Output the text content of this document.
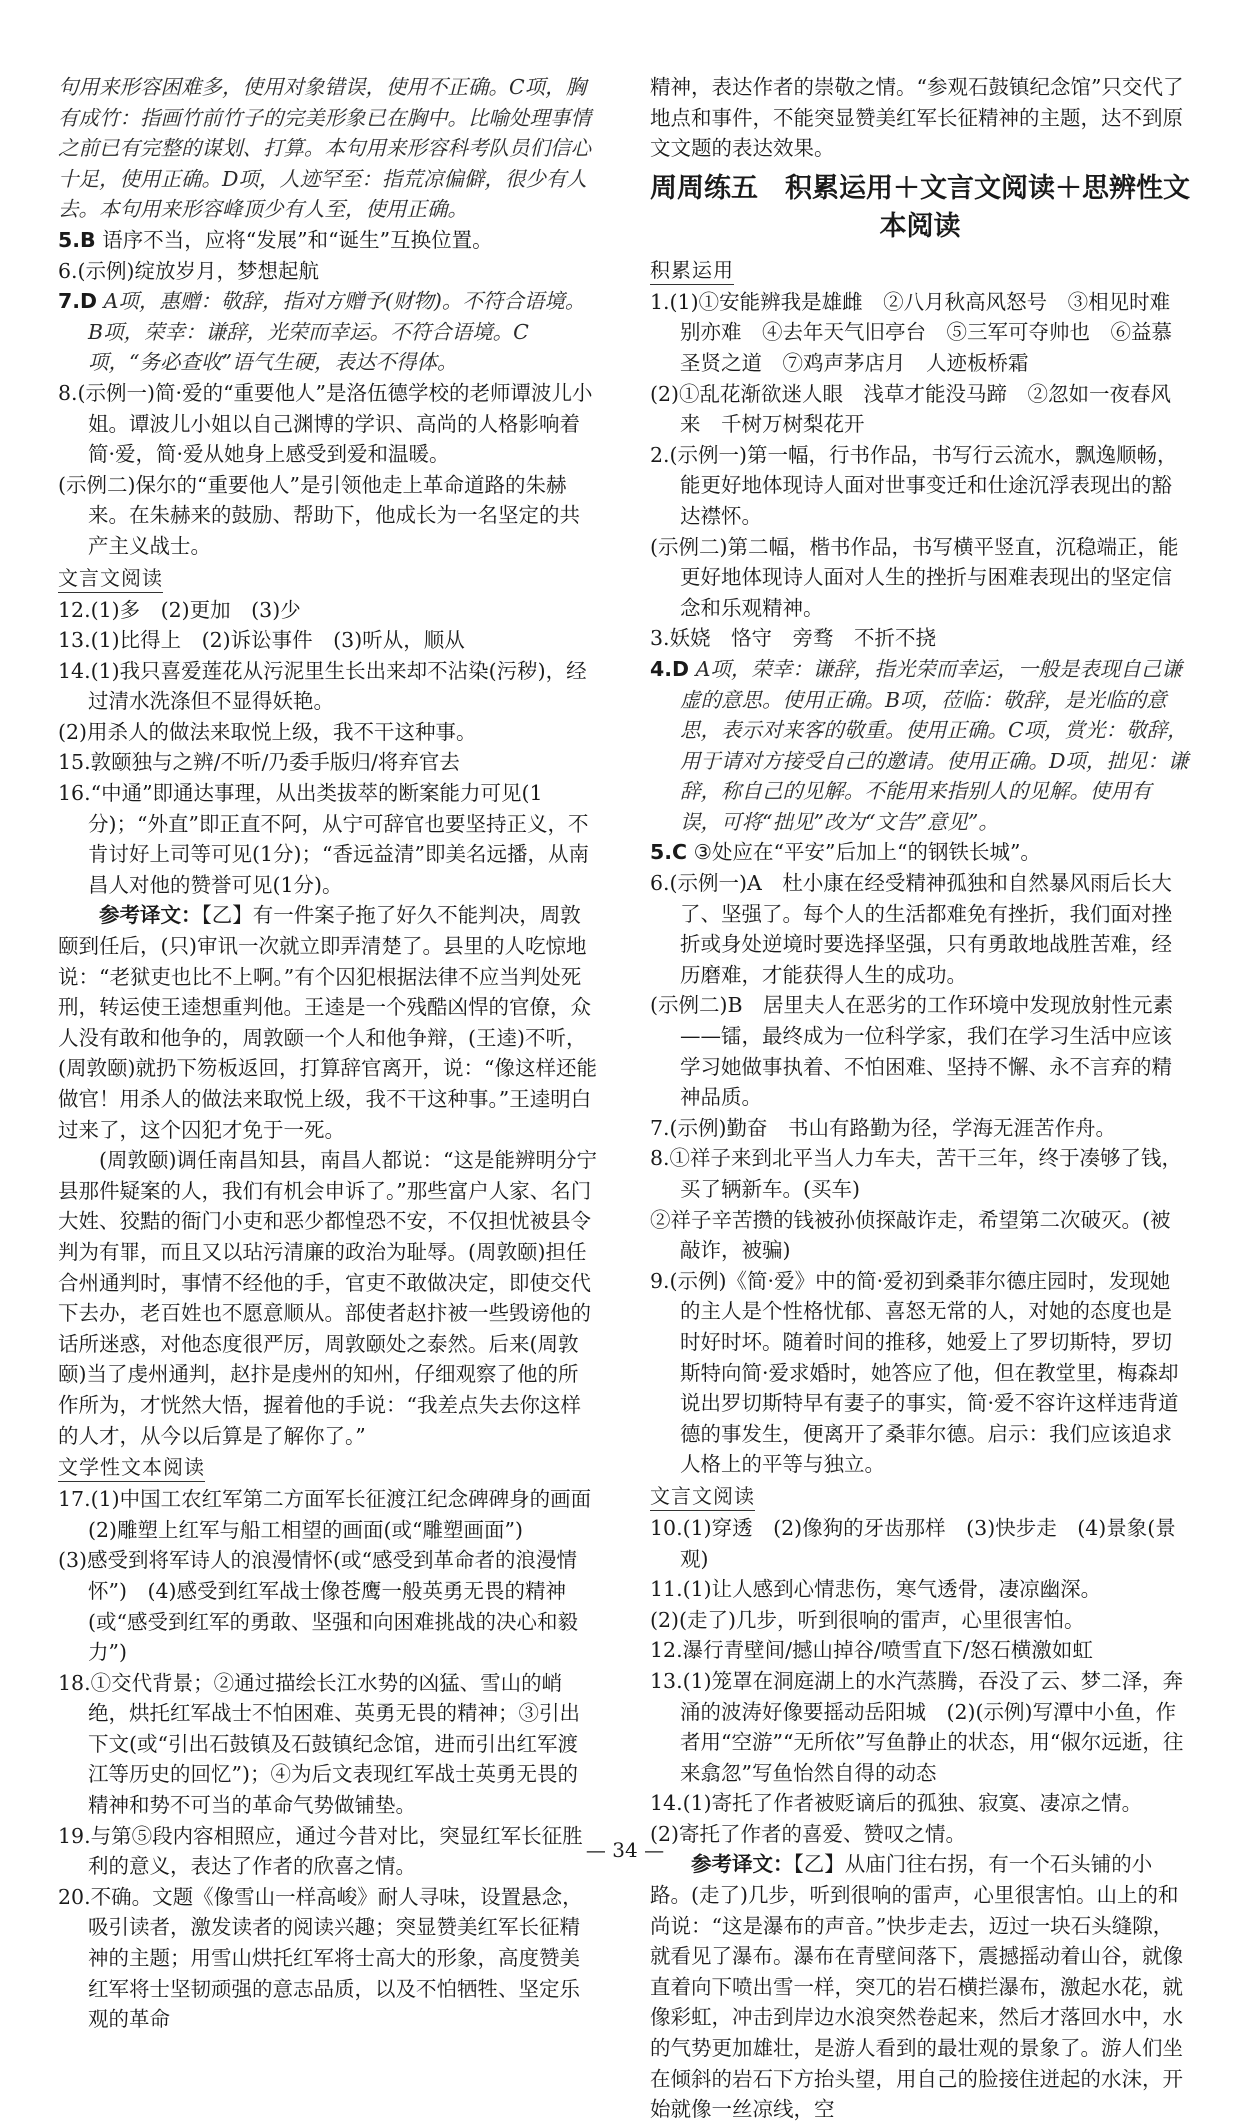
句用来形容困难多，使用对象错误，使用不正确。C项，胸有成竹：指画竹前竹子的完美形象已在胸中。比喻处理事情之前已有完整的谋划、打算。本句用来形容科考队员们信心十足，使用正确。D项，人迹罕至：指荒凉偏僻，很少有人去。本句用来形容峰顶少有人至，使用正确。

5.B 语序不当，应将“发展”和“诞生”互换位置。

6.(示例)绽放岁月，梦想起航

7.D A项，惠赠：敬辞，指对方赠予(财物)。不符合语境。B项，荣幸：谦辞，光荣而幸运。不符合语境。C项，“务必查收”语气生硬，表达不得体。

8.(示例一)简·爱的“重要他人”是洛伍德学校的老师谭波儿小姐。谭波儿小姐以自己渊博的学识、高尚的人格影响着简·爱，简·爱从她身上感受到爱和温暖。

(示例二)保尔的“重要他人”是引领他走上革命道路的朱赫来。在朱赫来的鼓励、帮助下，他成长为一名坚定的共产主义战士。

文言文阅读

12.(1)多　(2)更加　(3)少

13.(1)比得上　(2)诉讼事件　(3)听从，顺从

14.(1)我只喜爱莲花从污泥里生长出来却不沾染(污秽)，经过清水洗涤但不显得妖艳。

(2)用杀人的做法来取悦上级，我不干这种事。

15.敦颐独与之辨/不听/乃委手版归/将弃官去

16.“中通”即通达事理，从出类拔萃的断案能力可见(1分)；“外直”即正直不阿，从宁可辞官也要坚持正义，不肯讨好上司等可见(1分)；“香远益清”即美名远播，从南昌人对他的赞誉可见(1分)。

参考译文：【乙】有一件案子拖了好久不能判决，周敦颐到任后，(只)审讯一次就立即弄清楚了。县里的人吃惊地说：“老狱吏也比不上啊。”有个囚犯根据法律不应当判处死刑，转运使王逵想重判他。王逵是一个残酷凶悍的官僚，众人没有敢和他争的，周敦颐一个人和他争辩，(王逵)不听，(周敦颐)就扔下笏板返回，打算辞官离开，说：“像这样还能做官！用杀人的做法来取悦上级，我不干这种事。”王逵明白过来了，这个囚犯才免于一死。

(周敦颐)调任南昌知县，南昌人都说：“这是能辨明分宁县那件疑案的人，我们有机会申诉了。”那些富户人家、名门大姓、狡黠的衙门小吏和恶少都惶恐不安，不仅担忧被县令判为有罪，而且又以玷污清廉的政治为耻辱。(周敦颐)担任合州通判时，事情不经他的手，官吏不敢做决定，即使交代下去办，老百姓也不愿意顺从。部使者赵抃被一些毁谤他的话所迷惑，对他态度很严厉，周敦颐处之泰然。后来(周敦颐)当了虔州通判，赵抃是虔州的知州，仔细观察了他的所作所为，才恍然大悟，握着他的手说：“我差点失去你这样的人才，从今以后算是了解你了。”

文学性文本阅读

17.(1)中国工农红军第二方面军长征渡江纪念碑碑身的画面　(2)雕塑上红军与船工相望的画面(或“雕塑画面”)

(3)感受到将军诗人的浪漫情怀(或“感受到革命者的浪漫情怀”)　(4)感受到红军战士像苍鹰一般英勇无畏的精神(或“感受到红军的勇敢、坚强和向困难挑战的决心和毅力”)

18.①交代背景；②通过描绘长江水势的凶猛、雪山的峭绝，烘托红军战士不怕困难、英勇无畏的精神；③引出下文(或“引出石鼓镇及石鼓镇纪念馆，进而引出红军渡江等历史的回忆”)；④为后文表现红军战士英勇无畏的精神和势不可当的革命气势做铺垫。

19.与第⑤段内容相照应，通过今昔对比，突显红军长征胜利的意义，表达了作者的欣喜之情。

20.不确。文题《像雪山一样高峻》耐人寻味，设置悬念，吸引读者，激发读者的阅读兴趣；突显赞美红军长征精神的主题；用雪山烘托红军将士高大的形象，高度赞美红军将士坚韧顽强的意志品质，以及不怕牺牲、坚定乐观的革命

精神，表达作者的崇敬之情。“参观石鼓镇纪念馆”只交代了地点和事件，不能突显赞美红军长征精神的主题，达不到原文文题的表达效果。

周周练五　积累运用＋文言文阅读＋思辨性文本阅读
积累运用

1.(1)①安能辨我是雄雌　②八月秋高风怒号　③相见时难别亦难　④去年天气旧亭台　⑤三军可夺帅也　⑥益慕圣贤之道　⑦鸡声茅店月　人迹板桥霜

(2)①乱花渐欲迷人眼　浅草才能没马蹄　②忽如一夜春风来　千树万树梨花开

2.(示例一)第一幅，行书作品，书写行云流水，飘逸顺畅，能更好地体现诗人面对世事变迁和仕途沉浮表现出的豁达襟怀。

(示例二)第二幅，楷书作品，书写横平竖直，沉稳端正，能更好地体现诗人面对人生的挫折与困难表现出的坚定信念和乐观精神。

3.妖娆　恪守　旁骛　不折不挠

4.D A项，荣幸：谦辞，指光荣而幸运，一般是表现自己谦虚的意思。使用正确。B项，莅临：敬辞，是光临的意思，表示对来客的敬重。使用正确。C项，赏光：敬辞，用于请对方接受自己的邀请。使用正确。D项，拙见：谦辞，称自己的见解。不能用来指别人的见解。使用有误，可将“拙见”改为“文告”意见”。

5.C ③处应在“平安”后加上“的钢铁长城”。

6.(示例一)A　杜小康在经受精神孤独和自然暴风雨后长大了、坚强了。每个人的生活都难免有挫折，我们面对挫折或身处逆境时要选择坚强，只有勇敢地战胜苦难，经历磨难，才能获得人生的成功。

(示例二)B　居里夫人在恶劣的工作环境中发现放射性元素——镭，最终成为一位科学家，我们在学习生活中应该学习她做事执着、不怕困难、坚持不懈、永不言弃的精神品质。

7.(示例)勤奋　书山有路勤为径，学海无涯苦作舟。

8.①祥子来到北平当人力车夫，苦干三年，终于凑够了钱，买了辆新车。(买车)

②祥子辛苦攒的钱被孙侦探敲诈走，希望第二次破灭。(被敲诈，被骗)

9.(示例)《简·爱》中的简·爱初到桑菲尔德庄园时，发现她的主人是个性格忧郁、喜怒无常的人，对她的态度也是时好时坏。随着时间的推移，她爱上了罗切斯特，罗切斯特向简·爱求婚时，她答应了他，但在教堂里，梅森却说出罗切斯特早有妻子的事实，简·爱不容许这样违背道德的事发生，便离开了桑菲尔德。启示：我们应该追求人格上的平等与独立。

文言文阅读

10.(1)穿透　(2)像狗的牙齿那样　(3)快步走　(4)景象(景观)

11.(1)让人感到心情悲伤，寒气透骨，凄凉幽深。

(2)(走了)几步，听到很响的雷声，心里很害怕。

12.瀑行青壁间/撼山掉谷/喷雪直下/怒石横激如虹

13.(1)笼罩在洞庭湖上的水汽蒸腾，吞没了云、梦二泽，奔涌的波涛好像要摇动岳阳城　(2)(示例)写潭中小鱼，作者用“空游”“无所依”写鱼静止的状态，用“俶尔远逝，往来翕忽”写鱼怡然自得的动态

14.(1)寄托了作者被贬谪后的孤独、寂寞、凄凉之情。

(2)寄托了作者的喜爱、赞叹之情。

参考译文：【乙】从庙门往右拐，有一个石头铺的小路。(走了)几步，听到很响的雷声，心里很害怕。山上的和尚说：“这是瀑布的声音。”快步走去，迈过一块石头缝隙，就看见了瀑布。瀑布在青壁间落下，震撼摇动着山谷，就像直着向下喷出雪一样，突兀的岩石横拦瀑布，激起水花，就像彩虹，冲击到岸边水浪突然卷起来，然后才落回水中，水的气势更加雄壮，是游人看到的最壮观的景象了。游人们坐在倾斜的岩石下方抬头望，用自己的脸接住迸起的水沫，开始就像一丝凉线，空

— 34 —
